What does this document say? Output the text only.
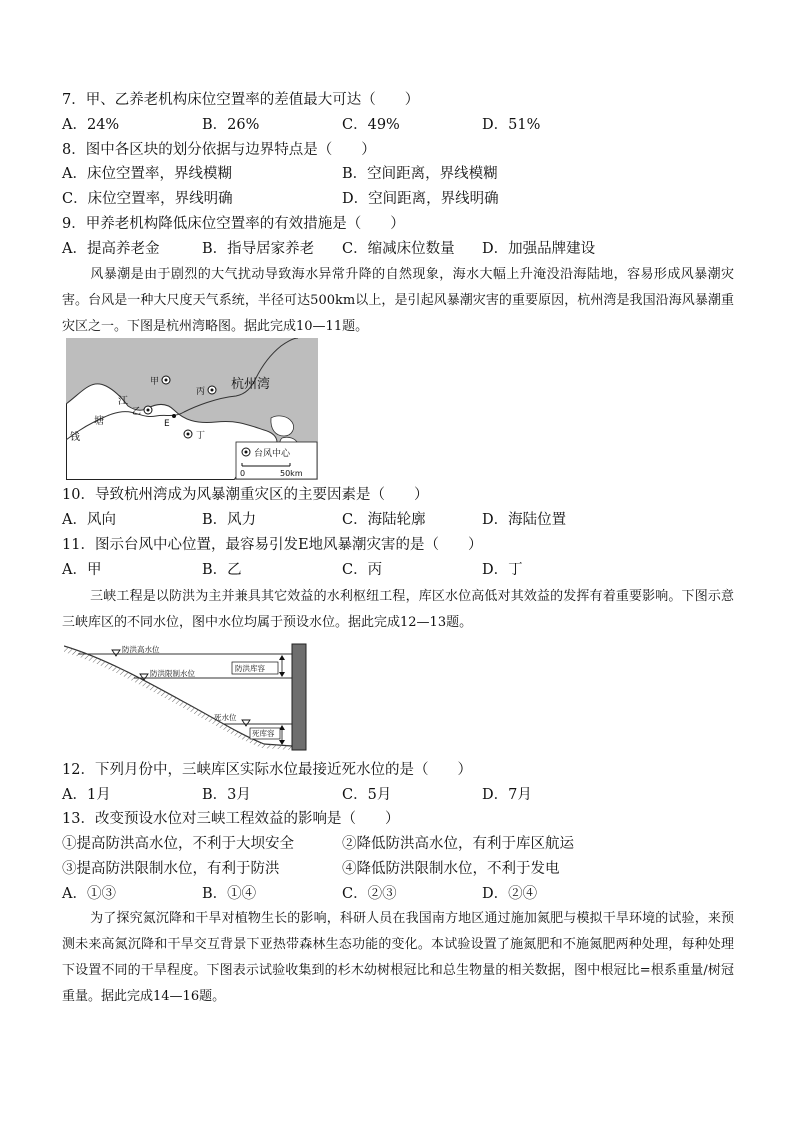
7．甲、乙养老机构床位空置率的差值最大可达（　　）
A．24%	B．26%	C．49%	D．51%
8．图中各区块的划分依据与边界特点是（　　）
A．床位空置率，界线模糊	B．空间距离，界线模糊
C．床位空置率，界线明确	D．空间距离，界线明确
9．甲养老机构降低床位空置率的有效措施是（　　）
A．提高养老金	B．指导居家养老 C．缩减床位数量 D．加强品牌建设
风暴潮是由于剧烈的大气扰动导致海水异常升降的自然现象，海水大幅上升淹没沿海陆地，容易形成风暴潮灾害。台风是一种大尺度天气系统，半径可达500km以上，是引起风暴潮灾害的重要原因，杭州湾是我国沿海风暴潮重灾区之一。下图是杭州湾略图。据此完成10—11题。
杭州湾
江
塘
钱
甲
乙
丙
丁
E
台风中心
0	50km
10．导致杭州湾成为风暴潮重灾区的主要因素是（　　）
A．风向	B．风力	C．海陆轮廓	D．海陆位置
11．图示台风中心位置，最容易引发E地风暴潮灾害的是（　　）
A．甲	B．乙	C．丙	D．丁
三峡工程是以防洪为主并兼具其它效益的水利枢纽工程，库区水位高低对其效益的发挥有着重要影响。下图示意三峡库区的不同水位，图中水位均属于预设水位。据此完成12—13题。
防洪高水位
防洪限制水位
死水位
防洪库容
死库容
12．下列月份中，三峡库区实际水位最接近死水位的是（　　）
A．1月	B．3月	C．5月	D．7月
13．改变预设水位对三峡工程效益的影响是（　　）
①提高防洪高水位，不利于大坝安全	②降低防洪高水位，有利于库区航运
③提高防洪限制水位，有利于防洪	④降低防洪限制水位，不利于发电
A．①③	B．①④	C．②③	D．②④
为了探究氮沉降和干旱对植物生长的影响，科研人员在我国南方地区通过施加氮肥与模拟干旱环境的试验，来预测未来高氮沉降和干旱交互背景下亚热带森林生态功能的变化。本试验设置了施氮肥和不施氮肥两种处理，每种处理下设置不同的干旱程度。下图表示试验收集到的杉木幼树根冠比和总生物量的相关数据，图中根冠比=根系重量/树冠重量。据此完成14—16题。
